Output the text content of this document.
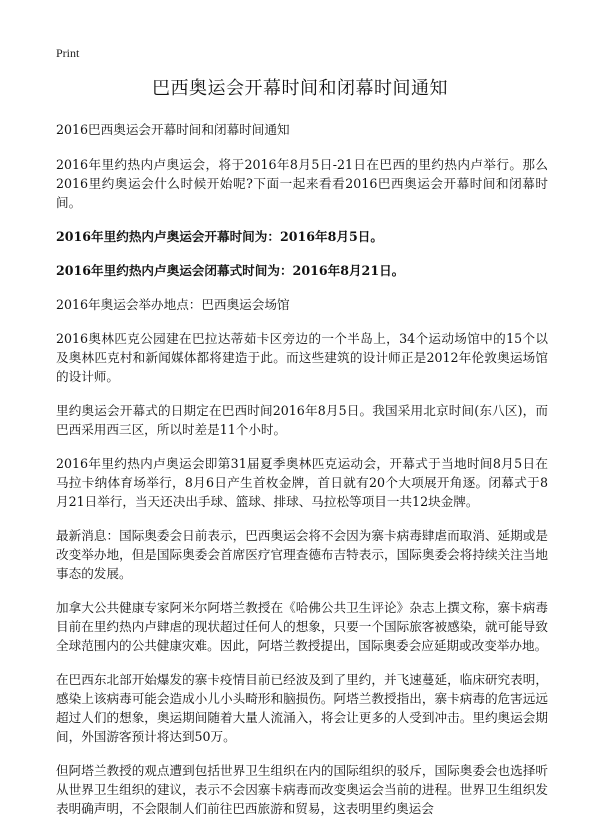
Print
巴西奥运会开幕时间和闭幕时间通知

2016巴西奥运会开幕时间和闭幕时间通知

2016年里约热内卢奥运会，将于2016年8月5日-21日在巴西的里约热内卢举行。那么2016里约奥运会什么时候开始呢?下面一起来看看2016巴西奥运会开幕时间和闭幕时间。

2016年里约热内卢奥运会开幕时间为：2016年8月5日。

2016年里约热内卢奥运会闭幕式时间为：2016年8月21日。

2016年奥运会举办地点：巴西奥运会场馆

2016奥林匹克公园建在巴拉达蒂茹卡区旁边的一个半岛上，34个运动场馆中的15个以及奥林匹克村和新闻媒体都将建造于此。而这些建筑的设计师正是2012年伦敦奥运场馆的设计师。

里约奥运会开幕式的日期定在巴西时间2016年8月5日。我国采用北京时间(东八区)，而巴西采用西三区，所以时差是11个小时。

2016年里约热内卢奥运会即第31届夏季奥林匹克运动会，开幕式于当地时间8月5日在马拉卡纳体育场举行，8月6日产生首枚金牌，首日就有20个大项展开角逐。闭幕式于8月21日举行，当天还决出手球、篮球、排球、马拉松等项目一共12块金牌。

最新消息：国际奥委会日前表示，巴西奥运会将不会因为寨卡病毒肆虐而取消、延期或是改变举办地，但是国际奥委会首席医疗官理查德布吉特表示，国际奥委会将持续关注当地事态的发展。

加拿大公共健康专家阿米尔阿塔兰教授在《哈佛公共卫生评论》杂志上撰文称，寨卡病毒目前在里约热内卢肆虐的现状超过任何人的想象，只要一个国际旅客被感染，就可能导致全球范围内的公共健康灾难。因此，阿塔兰教授提出，国际奥委会应延期或改变举办地。

在巴西东北部开始爆发的寨卡疫情目前已经波及到了里约，并飞速蔓延，临床研究表明，感染上该病毒可能会造成小儿小头畸形和脑损伤。阿塔兰教授指出，寨卡病毒的危害远远超过人们的想象，奥运期间随着大量人流涌入，将会让更多的人受到冲击。里约奥运会期间，外国游客预计将达到50万。

但阿塔兰教授的观点遭到包括世界卫生组织在内的国际组织的驳斥，国际奥委会也选择听从世界卫生组织的建议，表示不会因寨卡病毒而改变奥运会当前的进程。世界卫生组织发表明确声明，不会限制人们前往巴西旅游和贸易，这表明里约奥运会
